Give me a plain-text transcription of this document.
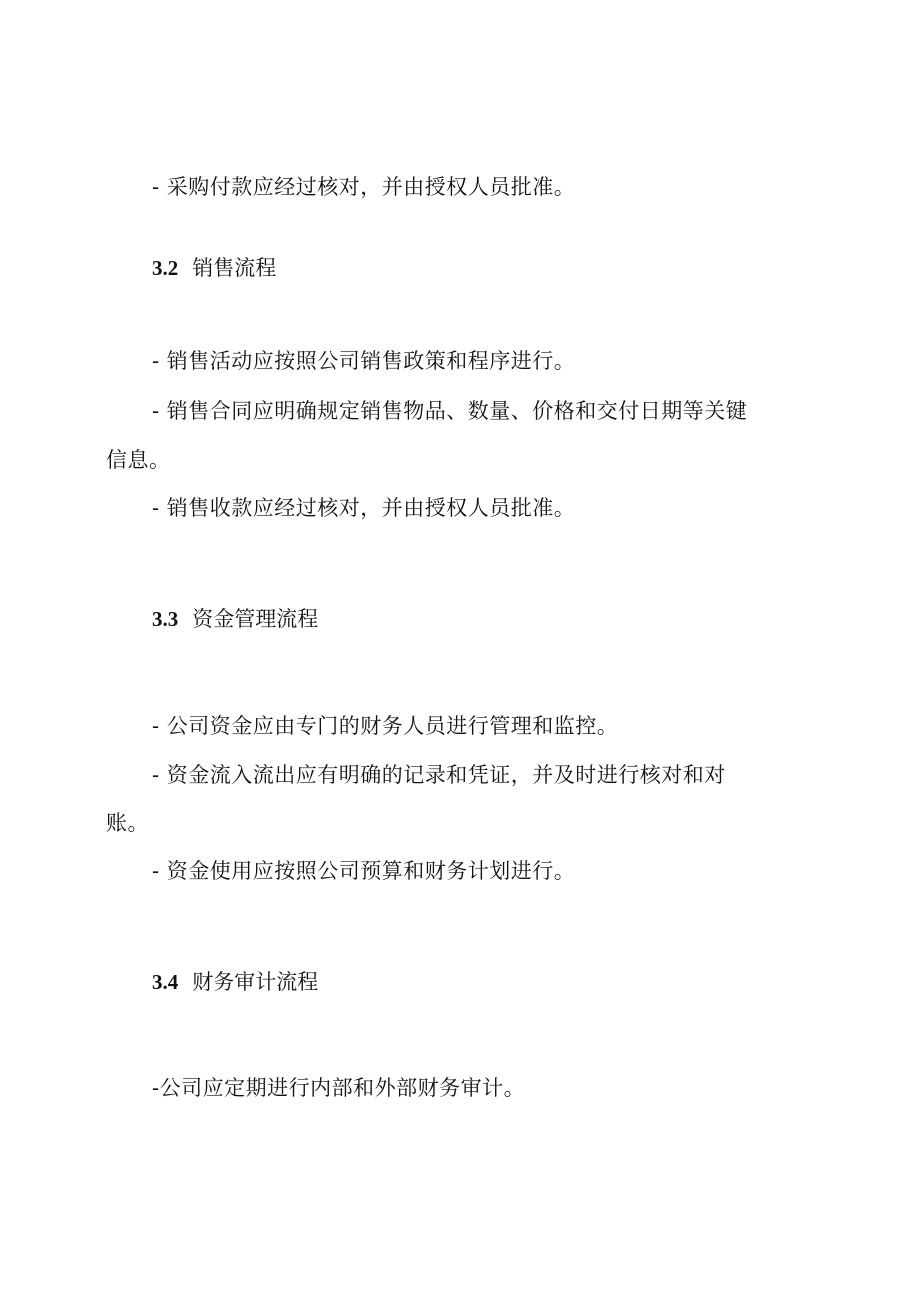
- 采购付款应经过核对，并由授权人员批准。
3.2 销售流程
- 销售活动应按照公司销售政策和程序进行。
- 销售合同应明确规定销售物品、数量、价格和交付日期等关键
信息。
- 销售收款应经过核对，并由授权人员批准。
3.3 资金管理流程
- 公司资金应由专门的财务人员进行管理和监控。
- 资金流入流出应有明确的记录和凭证，并及时进行核对和对
账。
- 资金使用应按照公司预算和财务计划进行。
3.4 财务审计流程
-公司应定期进行内部和外部财务审计。
